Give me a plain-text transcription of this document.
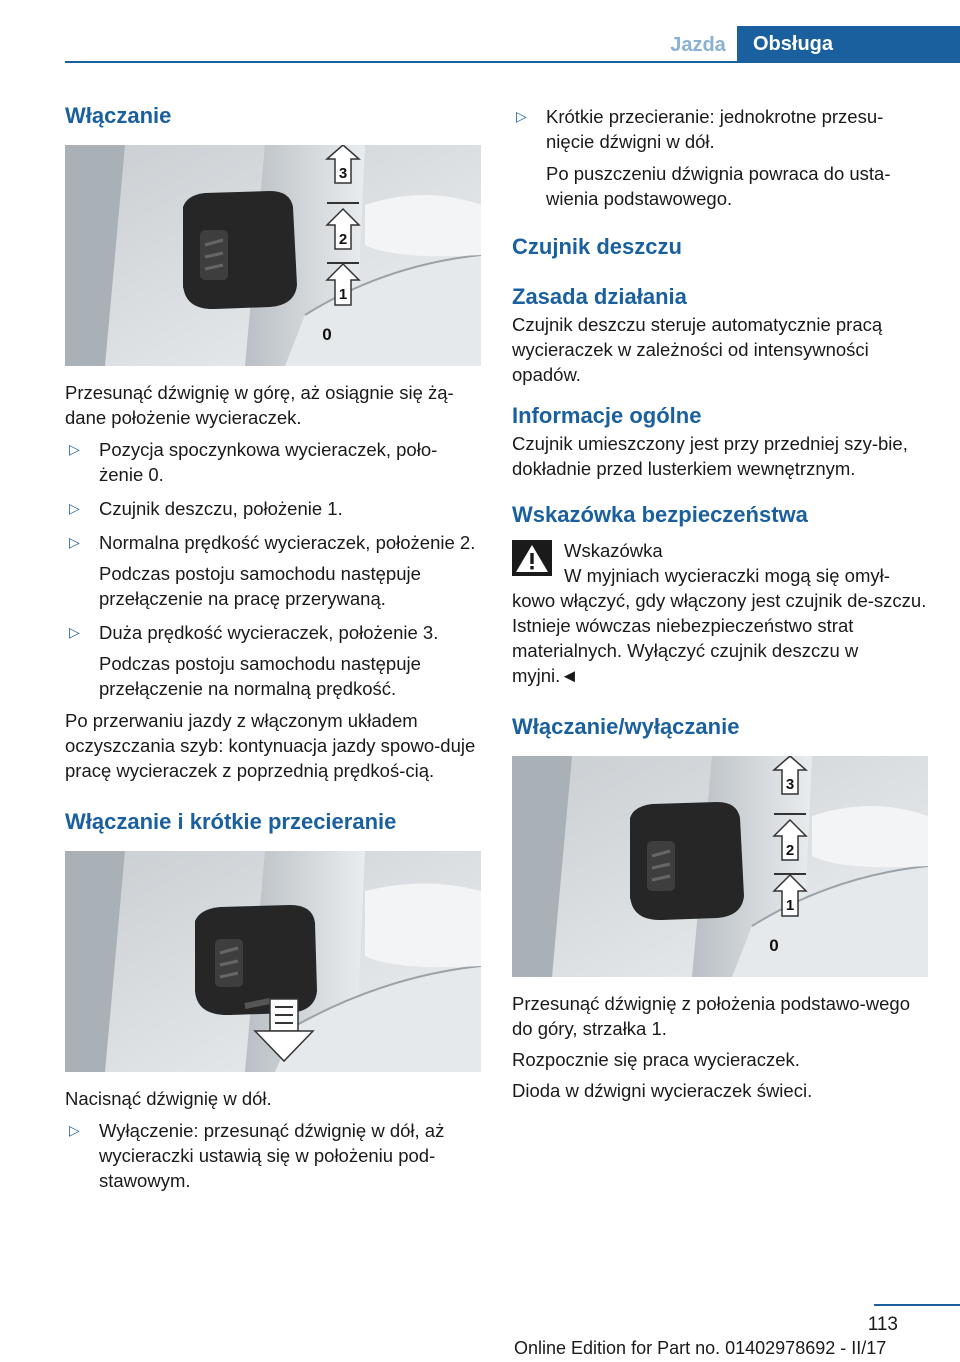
Jazda	Obsługa
Włączanie
3
2
1
0

Przesunąć dźwignię w górę, aż osiągnie się żą-dane położenie wycieraczek.

▷ Pozycja spoczynkowa wycieraczek, poło-żenie 0.

▷ Czujnik deszczu, położenie 1.

▷ Normalna prędkość wycieraczek, położenie 2.

Podczas postoju samochodu następuje przełączenie na pracę przerywaną.

▷ Duża prędkość wycieraczek, położenie 3.

Podczas postoju samochodu następuje przełączenie na normalną prędkość.

Po przerwaniu jazdy z włączonym układem oczyszczania szyb: kontynuacja jazdy spowo-duje pracę wycieraczek z poprzednią prędkoś-cią.

Włączanie i krótkie przecieranie

Nacisnąć dźwignię w dół.

▷ Wyłączenie: przesunąć dźwignię w dół, aż wycieraczki ustawią się w położeniu pod-stawowym.

▷ Krótkie przecieranie: jednokrotne przesu-nięcie dźwigni w dół.

Po puszczeniu dźwignia powraca do usta-wienia podstawowego.

Czujnik deszczu
Zasada działania

Czujnik deszczu steruje automatycznie pracą wycieraczek w zależności od intensywności opadów.

Informacje ogólne

Czujnik umieszczony jest przy przedniej szy-bie, dokładnie przed lusterkiem wewnętrznym.

Wskazówka bezpieczeństwa

Wskazówka

W myjniach wycieraczki mogą się omył-kowo włączyć, gdy włączony jest czujnik de-szczu. Istnieje wówczas niebezpieczeństwo strat materialnych. Wyłączyć czujnik deszczu w myjni.◄

Włączanie/wyłączanie
3
2
1
0

Przesunąć dźwignię z położenia podstawo-wego do góry, strzałka 1.

Rozpocznie się praca wycieraczek.

Dioda w dźwigni wycieraczek świeci.

113
Online Edition for Part no. 01402978692 - II/17
